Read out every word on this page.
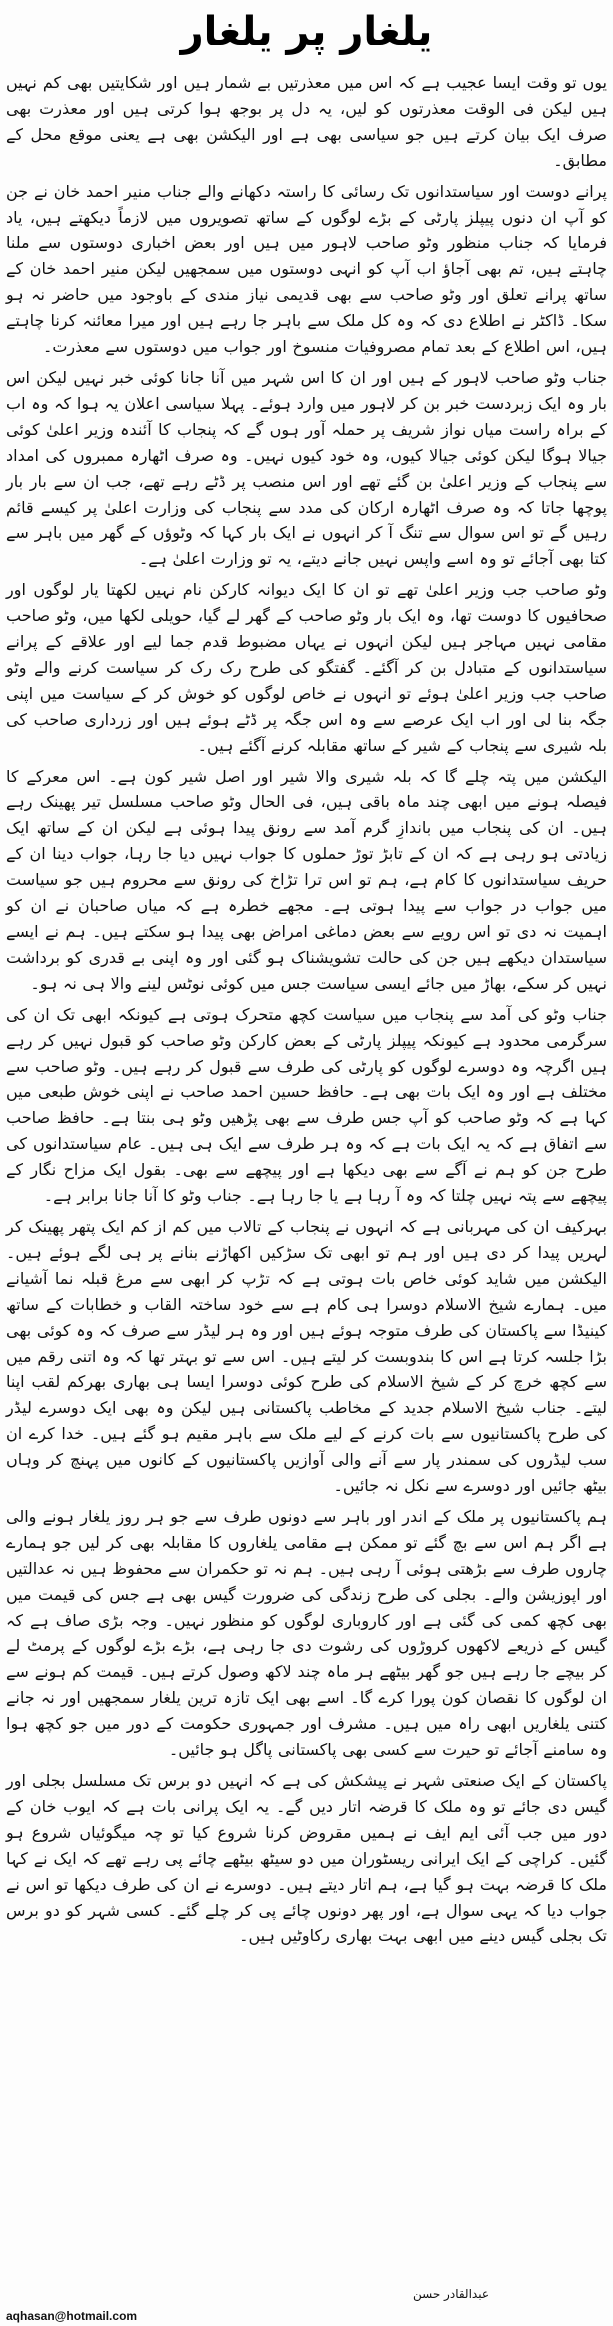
یلغار پر یلغار

یوں تو وقت ایسا عجیب ہے کہ اس میں معذرتیں بے شمار ہیں اور شکایتیں بھی کم نہیں ہیں لیکن فی الوقت معذرتوں کو لیں، یہ دل پر بوجھ ہوا کرتی ہیں اور معذرت بھی صرف ایک بیان کرتے ہیں جو سیاسی بھی ہے اور الیکشن بھی ہے یعنی موقع محل کے مطابق۔

پرانے دوست اور سیاستدانوں تک رسائی کا راستہ دکھانے والے جناب منیر احمد خان نے جن کو آپ ان دنوں پیپلز پارٹی کے بڑے لوگوں کے ساتھ تصویروں میں لازماً دیکھتے ہیں، یاد فرمایا کہ جناب منظور وٹو صاحب لاہور میں ہیں اور بعض اخباری دوستوں سے ملنا چاہتے ہیں، تم بھی آجاؤ اب آپ کو انہی دوستوں میں سمجھیں لیکن منیر احمد خان کے ساتھ پرانے تعلق اور وٹو صاحب سے بھی قدیمی نیاز مندی کے باوجود میں حاضر نہ ہو سکا۔ ڈاکٹر نے اطلاع دی کہ وہ کل ملک سے باہر جا رہے ہیں اور میرا معائنہ کرنا چاہتے ہیں، اس اطلاع کے بعد تمام مصروفیات منسوخ اور جواب میں دوستوں سے معذرت۔

جناب وٹو صاحب لاہور کے ہیں اور ان کا اس شہر میں آنا جانا کوئی خبر نہیں لیکن اس بار وہ ایک زبردست خبر بن کر لاہور میں وارد ہوئے۔ پہلا سیاسی اعلان یہ ہوا کہ وہ اب کے براہ راست میاں نواز شریف پر حملہ آور ہوں گے کہ پنجاب کا آئندہ وزیر اعلیٰ کوئی جیالا ہوگا لیکن کوئی جیالا کیوں، وہ خود کیوں نہیں۔ وہ صرف اٹھارہ ممبروں کی امداد سے پنجاب کے وزیر اعلیٰ بن گئے تھے اور اس منصب پر ڈٹے رہے تھے، جب ان سے بار بار پوچھا جاتا کہ وہ صرف اٹھارہ ارکان کی مدد سے پنجاب کی وزارت اعلیٰ پر کیسے قائم رہیں گے تو اس سوال سے تنگ آ کر انہوں نے ایک بار کہا کہ وٹوؤں کے گھر میں باہر سے کتا بھی آجائے تو وہ اسے واپس نہیں جانے دیتے، یہ تو وزارت اعلیٰ ہے۔

وٹو صاحب جب وزیر اعلیٰ تھے تو ان کا ایک دیوانہ کارکن نام نہیں لکھتا یار لوگوں اور صحافیوں کا دوست تھا، وہ ایک بار وٹو صاحب کے گھر لے گیا، حویلی لکھا میں، وٹو صاحب مقامی نہیں مہاجر ہیں لیکن انہوں نے یہاں مضبوط قدم جما لیے اور علاقے کے پرانے سیاستدانوں کے متبادل بن کر آگئے۔ گفتگو کی طرح رک رک کر سیاست کرنے والے وٹو صاحب جب وزیر اعلیٰ ہوئے تو انہوں نے خاص لوگوں کو خوش کر کے سیاست میں اپنی جگہ بنا لی اور اب ایک عرصے سے وہ اس جگہ پر ڈٹے ہوئے ہیں اور زرداری صاحب کی بلہ شیری سے پنجاب کے شیر کے ساتھ مقابلہ کرنے آگئے ہیں۔

الیکشن میں پتہ چلے گا کہ بلہ شیری والا شیر اور اصل شیر کون ہے۔ اس معرکے کا فیصلہ ہونے میں ابھی چند ماہ باقی ہیں، فی الحال وٹو صاحب مسلسل تیر پھینک رہے ہیں۔ ان کی پنجاب میں باندازِ گرم آمد سے رونق پیدا ہوئی ہے لیکن ان کے ساتھ ایک زیادتی ہو رہی ہے کہ ان کے تابڑ توڑ حملوں کا جواب نہیں دیا جا رہا، جواب دینا ان کے حریف سیاستدانوں کا کام ہے، ہم تو اس ترا تڑاخ کی رونق سے محروم ہیں جو سیاست میں جواب در جواب سے پیدا ہوتی ہے۔ مجھے خطرہ ہے کہ میاں صاحبان نے ان کو اہمیت نہ دی تو اس رویے سے بعض دماغی امراض بھی پیدا ہو سکتے ہیں۔ ہم نے ایسے سیاستدان دیکھے ہیں جن کی حالت تشویشناک ہو گئی اور وہ اپنی بے قدری کو برداشت نہیں کر سکے، بھاڑ میں جائے ایسی سیاست جس میں کوئی نوٹس لینے والا ہی نہ ہو۔

جناب وٹو کی آمد سے پنجاب میں سیاست کچھ متحرک ہوتی ہے کیونکہ ابھی تک ان کی سرگرمی محدود ہے کیونکہ پیپلز پارٹی کے بعض کارکن وٹو صاحب کو قبول نہیں کر رہے ہیں اگرچہ وہ دوسرے لوگوں کو پارٹی کی طرف سے قبول کر رہے ہیں۔ وٹو صاحب سے مختلف ہے اور وہ ایک بات بھی ہے۔ حافظ حسین احمد صاحب نے اپنی خوش طبعی میں کہا ہے کہ وٹو صاحب کو آپ جس طرف سے بھی پڑھیں وٹو ہی بنتا ہے۔ حافظ صاحب سے اتفاق ہے کہ یہ ایک بات ہے کہ وہ ہر طرف سے ایک ہی ہیں۔ عام سیاستدانوں کی طرح جن کو ہم نے آگے سے بھی دیکھا ہے اور پیچھے سے بھی۔ بقول ایک مزاح نگار کے پیچھے سے پتہ نہیں چلتا کہ وہ آ رہا ہے یا جا رہا ہے۔ جناب وٹو کا آنا جانا برابر ہے۔

بہرکیف ان کی مہربانی ہے کہ انہوں نے پنجاب کے تالاب میں کم از کم ایک پتھر پھینک کر لہریں پیدا کر دی ہیں اور ہم تو ابھی تک سڑکیں اکھاڑنے بنانے پر ہی لگے ہوئے ہیں۔ الیکشن میں شاید کوئی خاص بات ہوتی ہے کہ تڑپ کر ابھی سے مرغ قبلہ نما آشیانے میں۔ ہمارے شیخ الاسلام دوسرا ہی کام ہے سے خود ساختہ القاب و خطابات کے ساتھ کینیڈا سے پاکستان کی طرف متوجہ ہوئے ہیں اور وہ ہر لیڈر سے صرف کہ وہ کوئی بھی بڑا جلسہ کرتا ہے اس کا بندوبست کر لیتے ہیں۔ اس سے تو بہتر تھا کہ وہ اتنی رقم میں سے کچھ خرچ کر کے شیخ الاسلام کی طرح کوئی دوسرا ایسا ہی بھاری بھرکم لقب اپنا لیتے۔ جناب شیخ الاسلام جدید کے مخاطب پاکستانی ہیں لیکن وہ بھی ایک دوسرے لیڈر کی طرح پاکستانیوں سے بات کرنے کے لیے ملک سے باہر مقیم ہو گئے ہیں۔ خدا کرے ان سب لیڈروں کی سمندر پار سے آنے والی آوازیں پاکستانیوں کے کانوں میں پہنچ کر وہاں بیٹھ جائیں اور دوسرے سے نکل نہ جائیں۔

ہم پاکستانیوں پر ملک کے اندر اور باہر سے دونوں طرف سے جو ہر روز یلغار ہونے والی ہے اگر ہم اس سے بچ گئے تو ممکن ہے مقامی یلغاروں کا مقابلہ بھی کر لیں جو ہمارے چاروں طرف سے بڑھتی ہوئی آ رہی ہیں۔ ہم نہ تو حکمران سے محفوظ ہیں نہ عدالتیں اور اپوزیشن والے۔ بجلی کی طرح زندگی کی ضرورت گیس بھی ہے جس کی قیمت میں بھی کچھ کمی کی گئی ہے اور کاروباری لوگوں کو منظور نہیں۔ وجہ بڑی صاف ہے کہ گیس کے ذریعے لاکھوں کروڑوں کی رشوت دی جا رہی ہے، بڑے بڑے لوگوں کے پرمٹ لے کر بیچے جا رہے ہیں جو گھر بیٹھے ہر ماہ چند لاکھ وصول کرتے ہیں۔ قیمت کم ہونے سے ان لوگوں کا نقصان کون پورا کرے گا۔ اسے بھی ایک تازہ ترین یلغار سمجھیں اور نہ جانے کتنی یلغاریں ابھی راہ میں ہیں۔ مشرف اور جمہوری حکومت کے دور میں جو کچھ ہوا وہ سامنے آجائے تو حیرت سے کسی بھی پاکستانی پاگل ہو جائیں۔

پاکستان کے ایک صنعتی شہر نے پیشکش کی ہے کہ انہیں دو برس تک مسلسل بجلی اور گیس دی جائے تو وہ ملک کا قرضہ اتار دیں گے۔ یہ ایک پرانی بات ہے کہ ایوب خان کے دور میں جب آئی ایم ایف نے ہمیں مقروض کرنا شروع کیا تو چہ میگوئیاں شروع ہو گئیں۔ کراچی کے ایک ایرانی ریسٹوران میں دو سیٹھ بیٹھے چائے پی رہے تھے کہ ایک نے کہا ملک کا قرضہ بہت ہو گیا ہے، ہم اتار دیتے ہیں۔ دوسرے نے ان کی طرف دیکھا تو اس نے جواب دیا کہ یہی سوال ہے، اور پھر دونوں چائے پی کر چلے گئے۔ کسی شہر کو دو برس تک بجلی گیس دینے میں ابھی بہت بھاری رکاوٹیں ہیں۔

عبدالقادر حسن
aqhasan@hotmail.com
